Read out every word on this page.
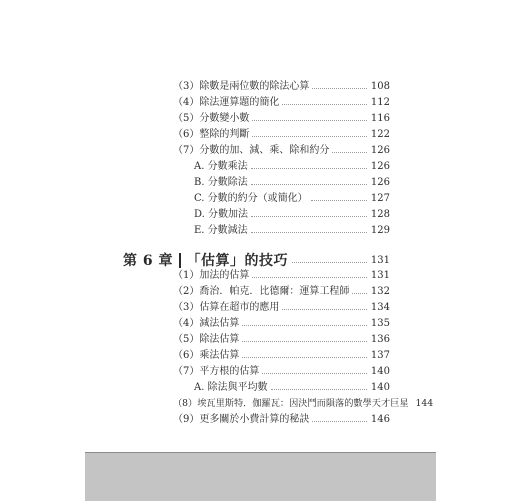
（3）除數是兩位數的除法心算	108
（4）除法運算題的簡化	112
（5）分數變小數	116
（6）整除的判斷	122
（7）分數的加、減、乘、除和約分	126
A. 分數乘法	126
B. 分數除法	126
C. 分數的約分（或簡化）	127
D. 分數加法	128
E. 分數減法	129
第 6 章 「估算」的技巧	131
（1）加法的估算	131
（2）喬治．帕克．比德爾：運算工程師	132
（3）估算在超市的應用	134
（4）減法估算	135
（5）除法估算	136
（6）乘法估算	137
（7）平方根的估算	140
A. 除法與平均數	140
（8）埃瓦里斯特．伽羅瓦：因決鬥而隕落的數學天才巨星 144
（9）更多關於小費計算的秘訣	146
